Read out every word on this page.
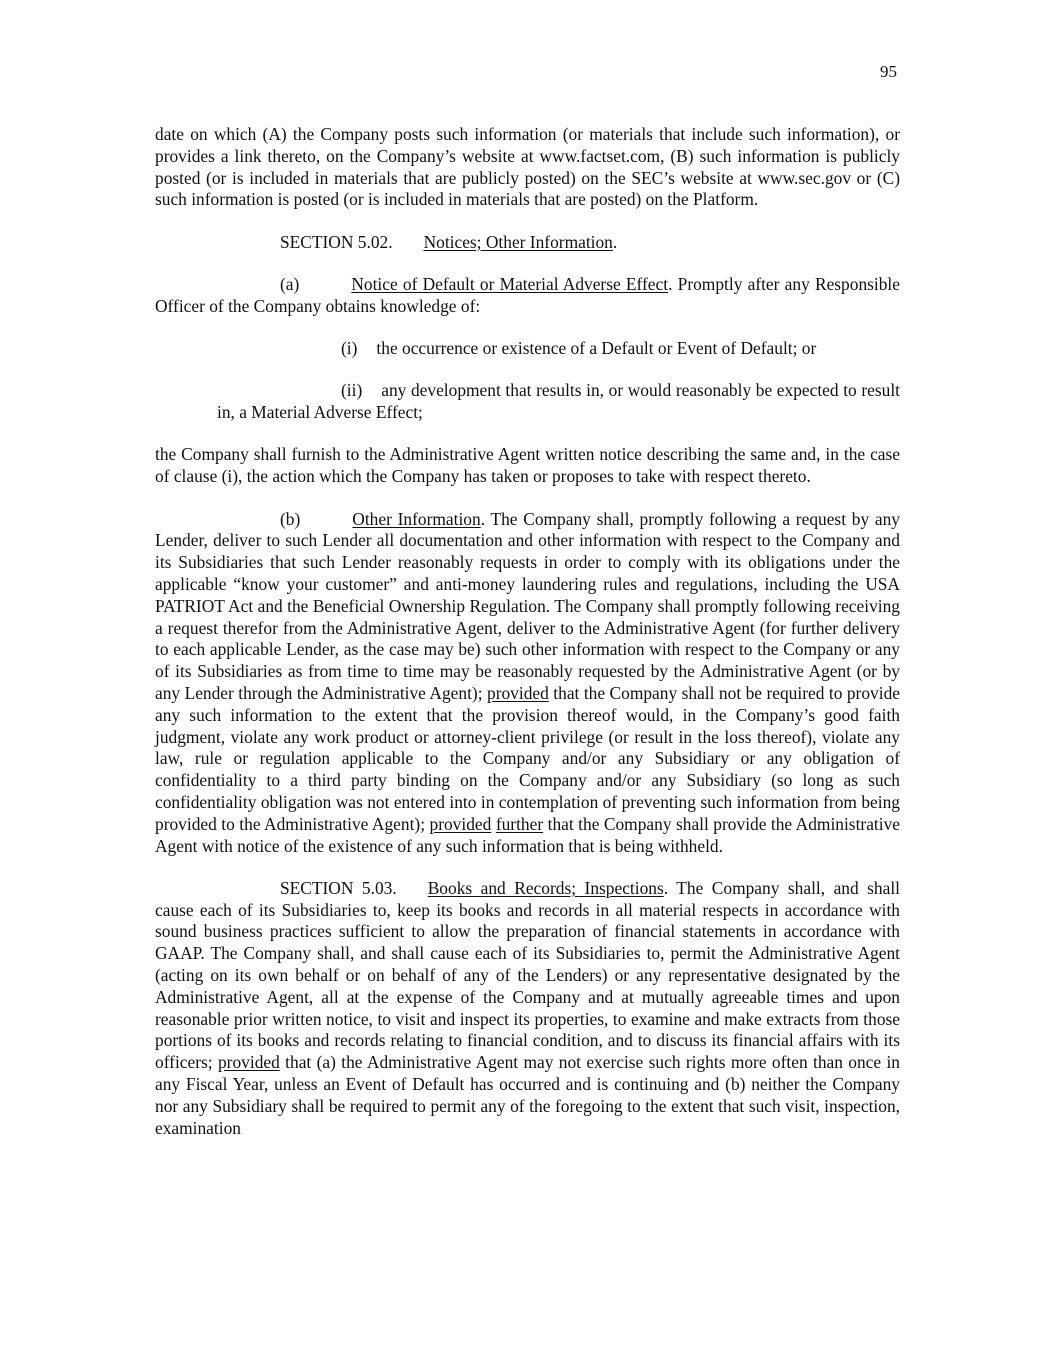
95

date on which (A) the Company posts such information (or materials that include such information), or provides a link thereto, on the Company’s website at www.factset.com, (B) such information is publicly posted (or is included in materials that are publicly posted) on the SEC’s website at www.sec.gov or (C) such information is posted (or is included in materials that are posted) on the Platform.

SECTION 5.02. Notices; Other Information.

(a)	Notice of Default or Material Adverse Effect. Promptly after any Responsible Officer of the Company obtains knowledge of:

(i) the occurrence or existence of a Default or Event of Default; or

(ii) any development that results in, or would reasonably be expected to result in, a Material Adverse Effect;

the Company shall furnish to the Administrative Agent written notice describing the same and, in the case of clause (i), the action which the Company has taken or proposes to take with respect thereto.

(b)	Other Information. The Company shall, promptly following a request by any Lender, deliver to such Lender all documentation and other information with respect to the Company and its Subsidiaries that such Lender reasonably requests in order to comply with its obligations under the applicable “know your customer” and anti-money laundering rules and regulations, including the USA PATRIOT Act and the Beneficial Ownership Regulation. The Company shall promptly following receiving a request therefor from the Administrative Agent, deliver to the Administrative Agent (for further delivery to each applicable Lender, as the case may be) such other information with respect to the Company or any of its Subsidiaries as from time to time may be reasonably requested by the Administrative Agent (or by any Lender through the Administrative Agent); provided that the Company shall not be required to provide any such information to the extent that the provision thereof would, in the Company’s good faith judgment, violate any work product or attorney-client privilege (or result in the loss thereof), violate any law, rule or regulation applicable to the Company and/or any Subsidiary or any obligation of confidentiality to a third party binding on the Company and/or any Subsidiary (so long as such confidentiality obligation was not entered into in contemplation of preventing such information from being provided to the Administrative Agent); provided further that the Company shall provide the Administrative Agent with notice of the existence of any such information that is being withheld.

SECTION 5.03. Books and Records; Inspections. The Company shall, and shall cause each of its Subsidiaries to, keep its books and records in all material respects in accordance with sound business practices sufficient to allow the preparation of financial statements in accordance with GAAP. The Company shall, and shall cause each of its Subsidiaries to, permit the Administrative Agent (acting on its own behalf or on behalf of any of the Lenders) or any representative designated by the Administrative Agent, all at the expense of the Company and at mutually agreeable times and upon reasonable prior written notice, to visit and inspect its properties, to examine and make extracts from those portions of its books and records relating to financial condition, and to discuss its financial affairs with its officers; provided that (a) the Administrative Agent may not exercise such rights more often than once in any Fiscal Year, unless an Event of Default has occurred and is continuing and (b) neither the Company nor any Subsidiary shall be required to permit any of the foregoing to the extent that such visit, inspection, examination
